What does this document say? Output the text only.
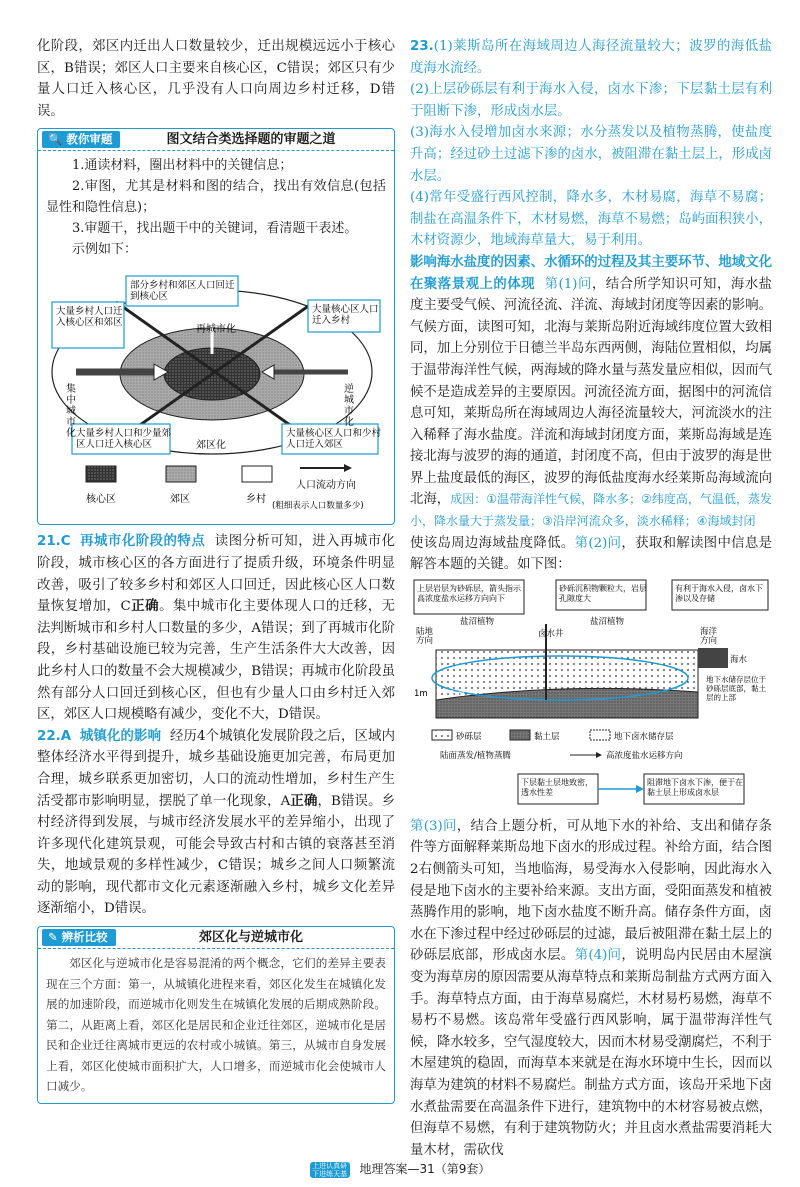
化阶段，郊区内迁出人口数量较少，迁出规模远远小于核心区，B错误；郊区人口主要来自核心区，C错误；郊区只有少量人口迁入核心区，几乎没有人口向周边乡村迁移，D错误。

🔍 教你审题	图文结合类选择题的审题之道

1.通读材料，圈出材料中的关键信息；

2.审图，尤其是材料和图的结合，找出有效信息(包括显性和隐性信息)；

3.审题干，找出题干中的关键词，看清题干表述。

示例如下：

部分乡村和郊区人口回迁到核心区
大量乡村人口迁入核心区和郊区
大量核心区人口迁入乡村
大量乡村人口和少量郊区人口迁入核心区
大量核心区人口和少村人口迁入郊区
再城市化
集中城市化
逆城市化
郊区化
核心区	郊区	乡村
人口流动方向
(粗细表示人口数量多少)

21.C 再城市化阶段的特点 读图分析可知，进入再城市化阶段，城市核心区的各方面进行了提质升级，环境条件明显改善，吸引了较多乡村和郊区人口回迁，因此核心区人口数量恢复增加，C正确。集中城市化主要体现人口的迁移，无法判断城市和乡村人口数量的多少，A错误；到了再城市化阶段，乡村基础设施已较为完善，生产生活条件大大改善，因此乡村人口的数量不会大规模减少，B错误；再城市化阶段虽然有部分人口回迁到核心区，但也有少量人口由乡村迁入郊区，郊区人口规模略有减少，变化不大，D错误。

22.A 城镇化的影响 经历4个城镇化发展阶段之后，区域内整体经济水平得到提升，城乡基础设施更加完善，布局更加合理，城乡联系更加密切，人口的流动性增加，乡村生产生活受都市影响明显，摆脱了单一化现象，A正确，B错误。乡村经济得到发展，与城市经济发展水平的差异缩小，出现了许多现代化建筑景观，可能会导致古村和古镇的衰落甚至消失，地域景观的多样性减少，C错误；城乡之间人口频繁流动的影响，现代都市文化元素逐渐融入乡村，城乡文化差异逐渐缩小，D错误。

✎ 辨析比较	郊区化与逆城市化
郊区化与逆城市化是容易混淆的两个概念，它们的差异主要表现在三个方面：第一，从城镇化进程来看，郊区化发生在城镇化发展的加速阶段，而逆城市化则发生在城镇化发展的后期成熟阶段。第二，从距离上看，郊区化是居民和企业迁往郊区，逆城市化是居民和企业迁往离城市更远的农村或小城镇。第三，从城市自身发展上看，郊区化使城市面积扩大，人口增多，而逆城市化会使城市人口减少。

23.(1)莱斯岛所在海域周边人海径流量较大；波罗的海低盐度海水流经。

(2)上层砂砾层有利于海水入侵，卤水下渗；下层黏土层有利于阻断下渗，形成卤水层。

(3)海水入侵增加卤水来源；水分蒸发以及植物蒸腾，使盐度升高；经过砂土过滤下渗的卤水，被阻滞在黏土层上，形成卤水层。

(4)常年受盛行西风控制，降水多，木材易腐，海草不易腐；制盐在高温条件下，木材易燃，海草不易燃；岛屿面积狭小，木材资源少，地域海草量大，易于利用。

影响海水盐度的因素、水循环的过程及其主要环节、地域文化在聚落景观上的体现 第(1)问，结合所学知识可知，海水盐度主要受气候、河流径流、洋流、海域封闭度等因素的影响。气候方面，读图可知，北海与莱斯岛附近海域纬度位置大致相同，加上分别位于日德兰半岛东西两侧，海陆位置相似，均属于温带海洋性气候，两海域的降水量与蒸发量应相似，因而气候不是造成差异的主要原因。河流径流方面，据图中的河流信息可知，莱斯岛所在海域周边人海径流量较大，河流淡水的注入稀释了海水盐度。洋流和海域封闭度方面，莱斯岛海域是连接北海与波罗的海的通道，封闭度不高，但由于波罗的海是世界上盐度最低的海区，波罗的海低盐度海水经莱斯岛海域流向北海，成因：①温带海洋性气候，降水多；②纬度高，气温低，蒸发小，降水量大于蒸发量；③沿岸河流众多，淡水稀释；④海域封闭

使该岛周边海域盐度降低。第(2)问，获取和解读图中信息是解答本题的关键。如下图：

上层岩层为砂砾层，箭头指示高浓度盐水运移方向向下
砂砾沉积物颗粒大，岩层孔隙度大
有利于海水入侵，卤水下渗以及存储
陆地方向
盐沼植物
卤水井
盐沼植物
海洋方向
海水
地下水储存层位于砂砾层底部，黏土层的上部
1m 10 m
砂砾层	黏土层	地下卤水储存层
陆面蒸发/植物蒸腾	高浓度盐水运移方向
下层黏土层地致密，透水性差
阻滞地下卤水下渗，便于在黏土层上形成卤水层

第(3)问，结合上题分析，可从地下水的补给、支出和储存条件等方面解释莱斯岛地下卤水的形成过程。补给方面，结合图2右侧箭头可知，当地临海，易受海水入侵影响，因此海水入侵是地下卤水的主要补给来源。支出方面，受阳面蒸发和植被蒸腾作用的影响，地下卤水盐度不断升高。储存条件方面，卤水在下渗过程中经过砂砾层的过滤，最后被阻滞在黏土层上的砂砾层底部，形成卤水层。第(4)问，说明岛内民居由木屋演变为海草房的原因需要从海草特点和莱斯岛制盐方式两方面入手。海草特点方面，由于海草易腐烂，木材易朽易燃，海草不易朽不易燃。该岛常年受盛行西风影响，属于温带海洋性气候，降水较多，空气湿度较大，因而木材易受潮腐烂，不利于木屋建筑的稳固，而海草本来就是在海水环境中生长，因而以海草为建筑的材料不易腐烂。制盐方式方面，该岛开采地下卤水煮盐需要在高温条件下进行，建筑物中的木材容易被点燃，但海草不易燃，有利于建筑物防火；并且卤水煮盐需要消耗大量木材，需砍伐

上进认真研 下进练天基 地理答案—31（第9套）
